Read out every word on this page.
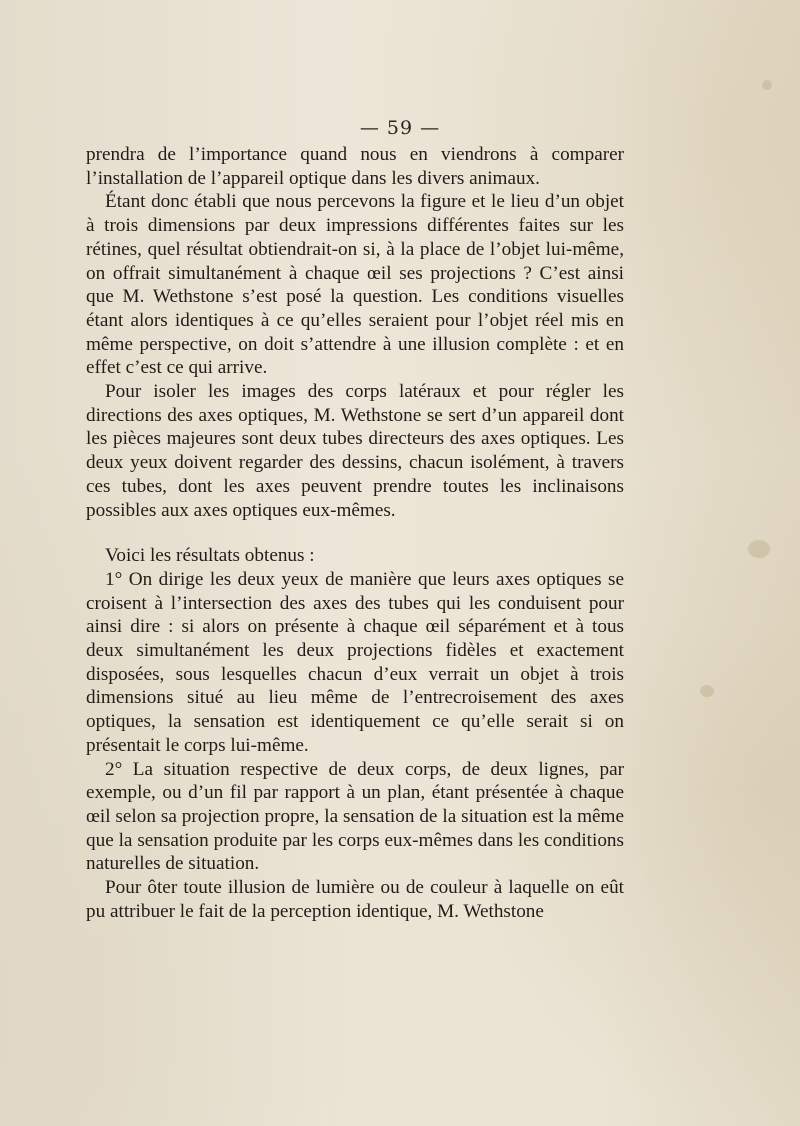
— 59 —

prendra de l’importance quand nous en viendrons à comparer l’installation de l’appareil optique dans les divers animaux.

Étant donc établi que nous percevons la figure et le lieu d’un objet à trois dimensions par deux impressions différentes faites sur les rétines, quel résultat obtiendrait-on si, à la place de l’objet lui-même, on offrait simultanément à chaque œil ses projections ? C’est ainsi que M. Wethstone s’est posé la question. Les conditions visuelles étant alors identiques à ce qu’elles seraient pour l’objet réel mis en même perspective, on doit s’attendre à une illusion complète : et en effet c’est ce qui arrive.

Pour isoler les images des corps latéraux et pour régler les directions des axes optiques, M. Wethstone se sert d’un appareil dont les pièces majeures sont deux tubes directeurs des axes optiques. Les deux yeux doivent regarder des dessins, chacun isolément, à travers ces tubes, dont les axes peuvent prendre toutes les inclinaisons possibles aux axes optiques eux-mêmes.

Voici les résultats obtenus :

1° On dirige les deux yeux de manière que leurs axes optiques se croisent à l’intersection des axes des tubes qui les conduisent pour ainsi dire : si alors on présente à chaque œil séparément et à tous deux simultanément les deux projections fidèles et exactement disposées, sous lesquelles chacun d’eux verrait un objet à trois dimensions situé au lieu même de l’entrecroisement des axes optiques, la sensation est identiquement ce qu’elle serait si on présentait le corps lui-même.

2° La situation respective de deux corps, de deux lignes, par exemple, ou d’un fil par rapport à un plan, étant présentée à chaque œil selon sa projection propre, la sensation de la situation est la même que la sensation produite par les corps eux-mêmes dans les conditions naturelles de situation.

Pour ôter toute illusion de lumière ou de couleur à laquelle on eût pu attribuer le fait de la perception identique, M. Wethstone
